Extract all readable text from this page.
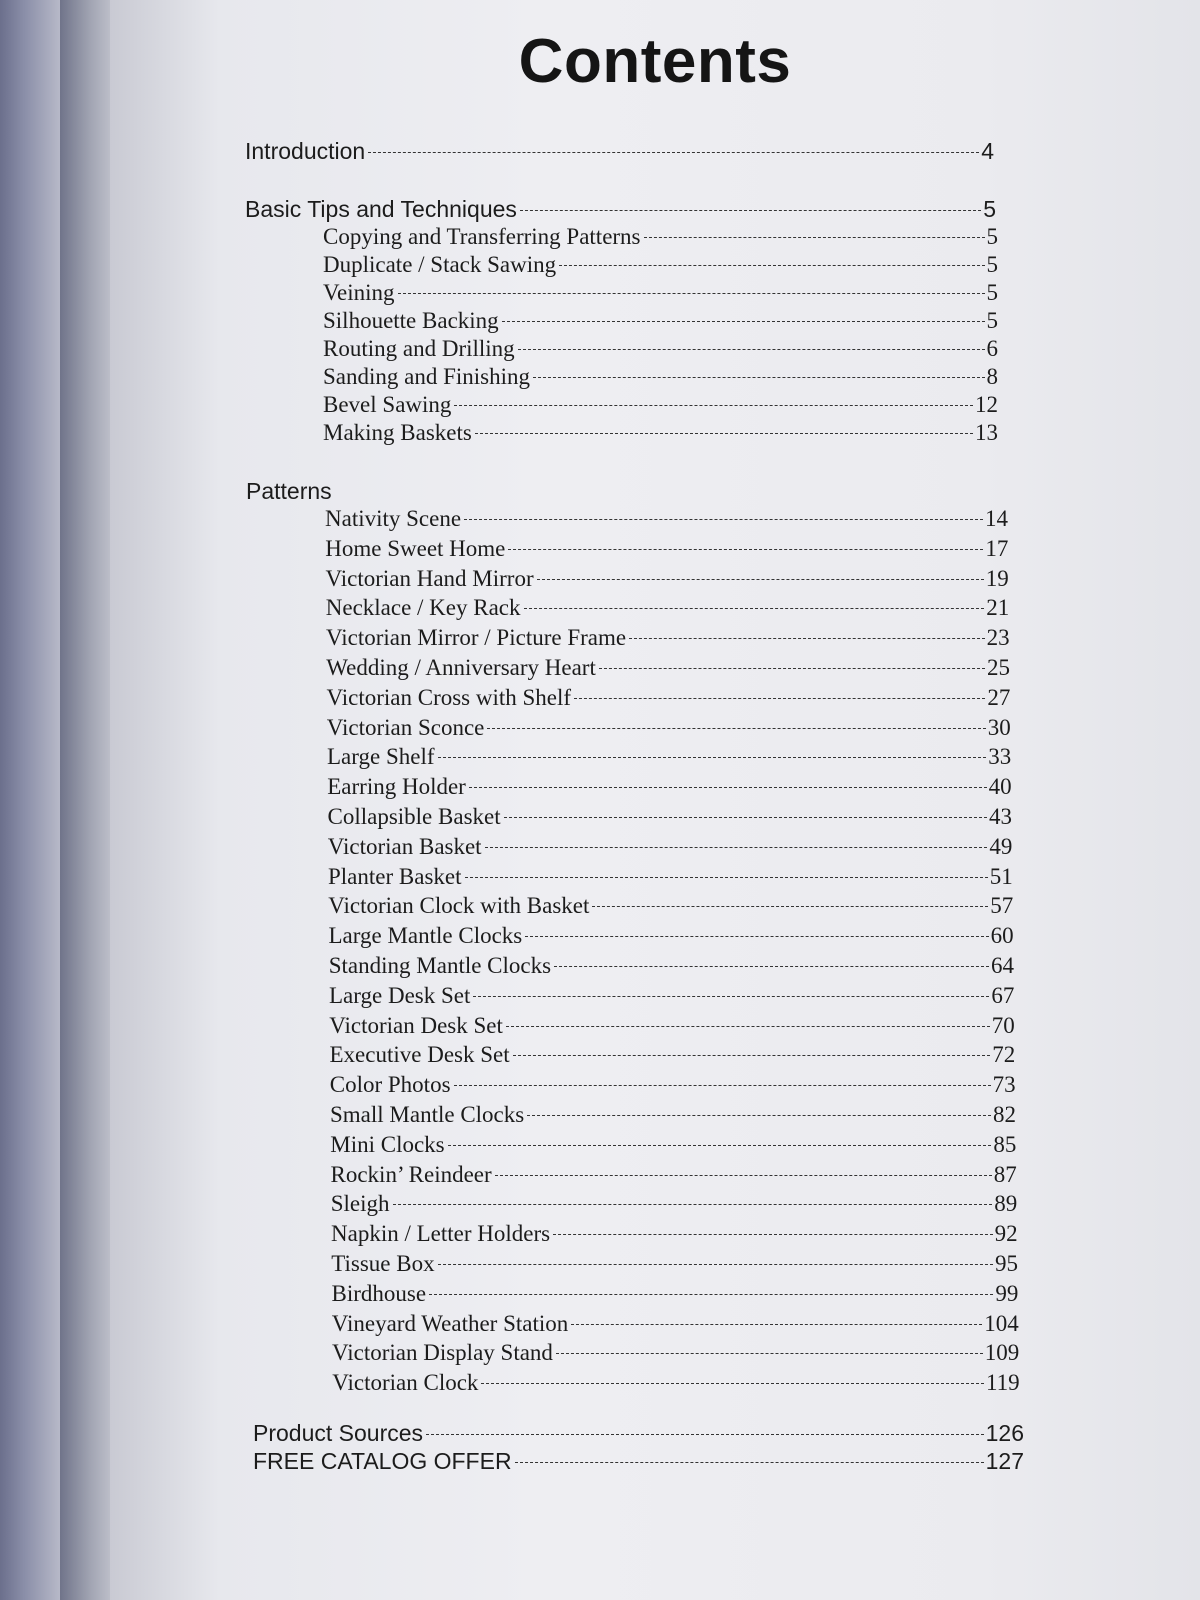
Contents
Patterns
Introduction	4
Basic Tips and Techniques	5
Copying and Transferring Patterns	5
Duplicate / Stack Sawing	5
Veining	5
Silhouette Backing	5
Routing and Drilling	6
Sanding and Finishing	8
Bevel Sawing	12
Making Baskets	13
Nativity Scene	14
Home Sweet Home	17
Victorian Hand Mirror	19
Necklace / Key Rack	21
Victorian Mirror / Picture Frame	23
Wedding / Anniversary Heart	25
Victorian Cross with Shelf	27
Victorian Sconce	30
Large Shelf	33
Earring Holder	40
Collapsible Basket	43
Victorian Basket	49
Planter Basket	51
Victorian Clock with Basket	57
Large Mantle Clocks	60
Standing Mantle Clocks	64
Large Desk Set	67
Victorian Desk Set	70
Executive Desk Set	72
Color Photos	73
Small Mantle Clocks	82
Mini Clocks	85
Rockin’ Reindeer	87
Sleigh	89
Napkin / Letter Holders	92
Tissue Box	95
Birdhouse	99
Vineyard Weather Station	104
Victorian Display Stand	109
Victorian Clock	119
Product Sources	126
FREE CATALOG OFFER	127
